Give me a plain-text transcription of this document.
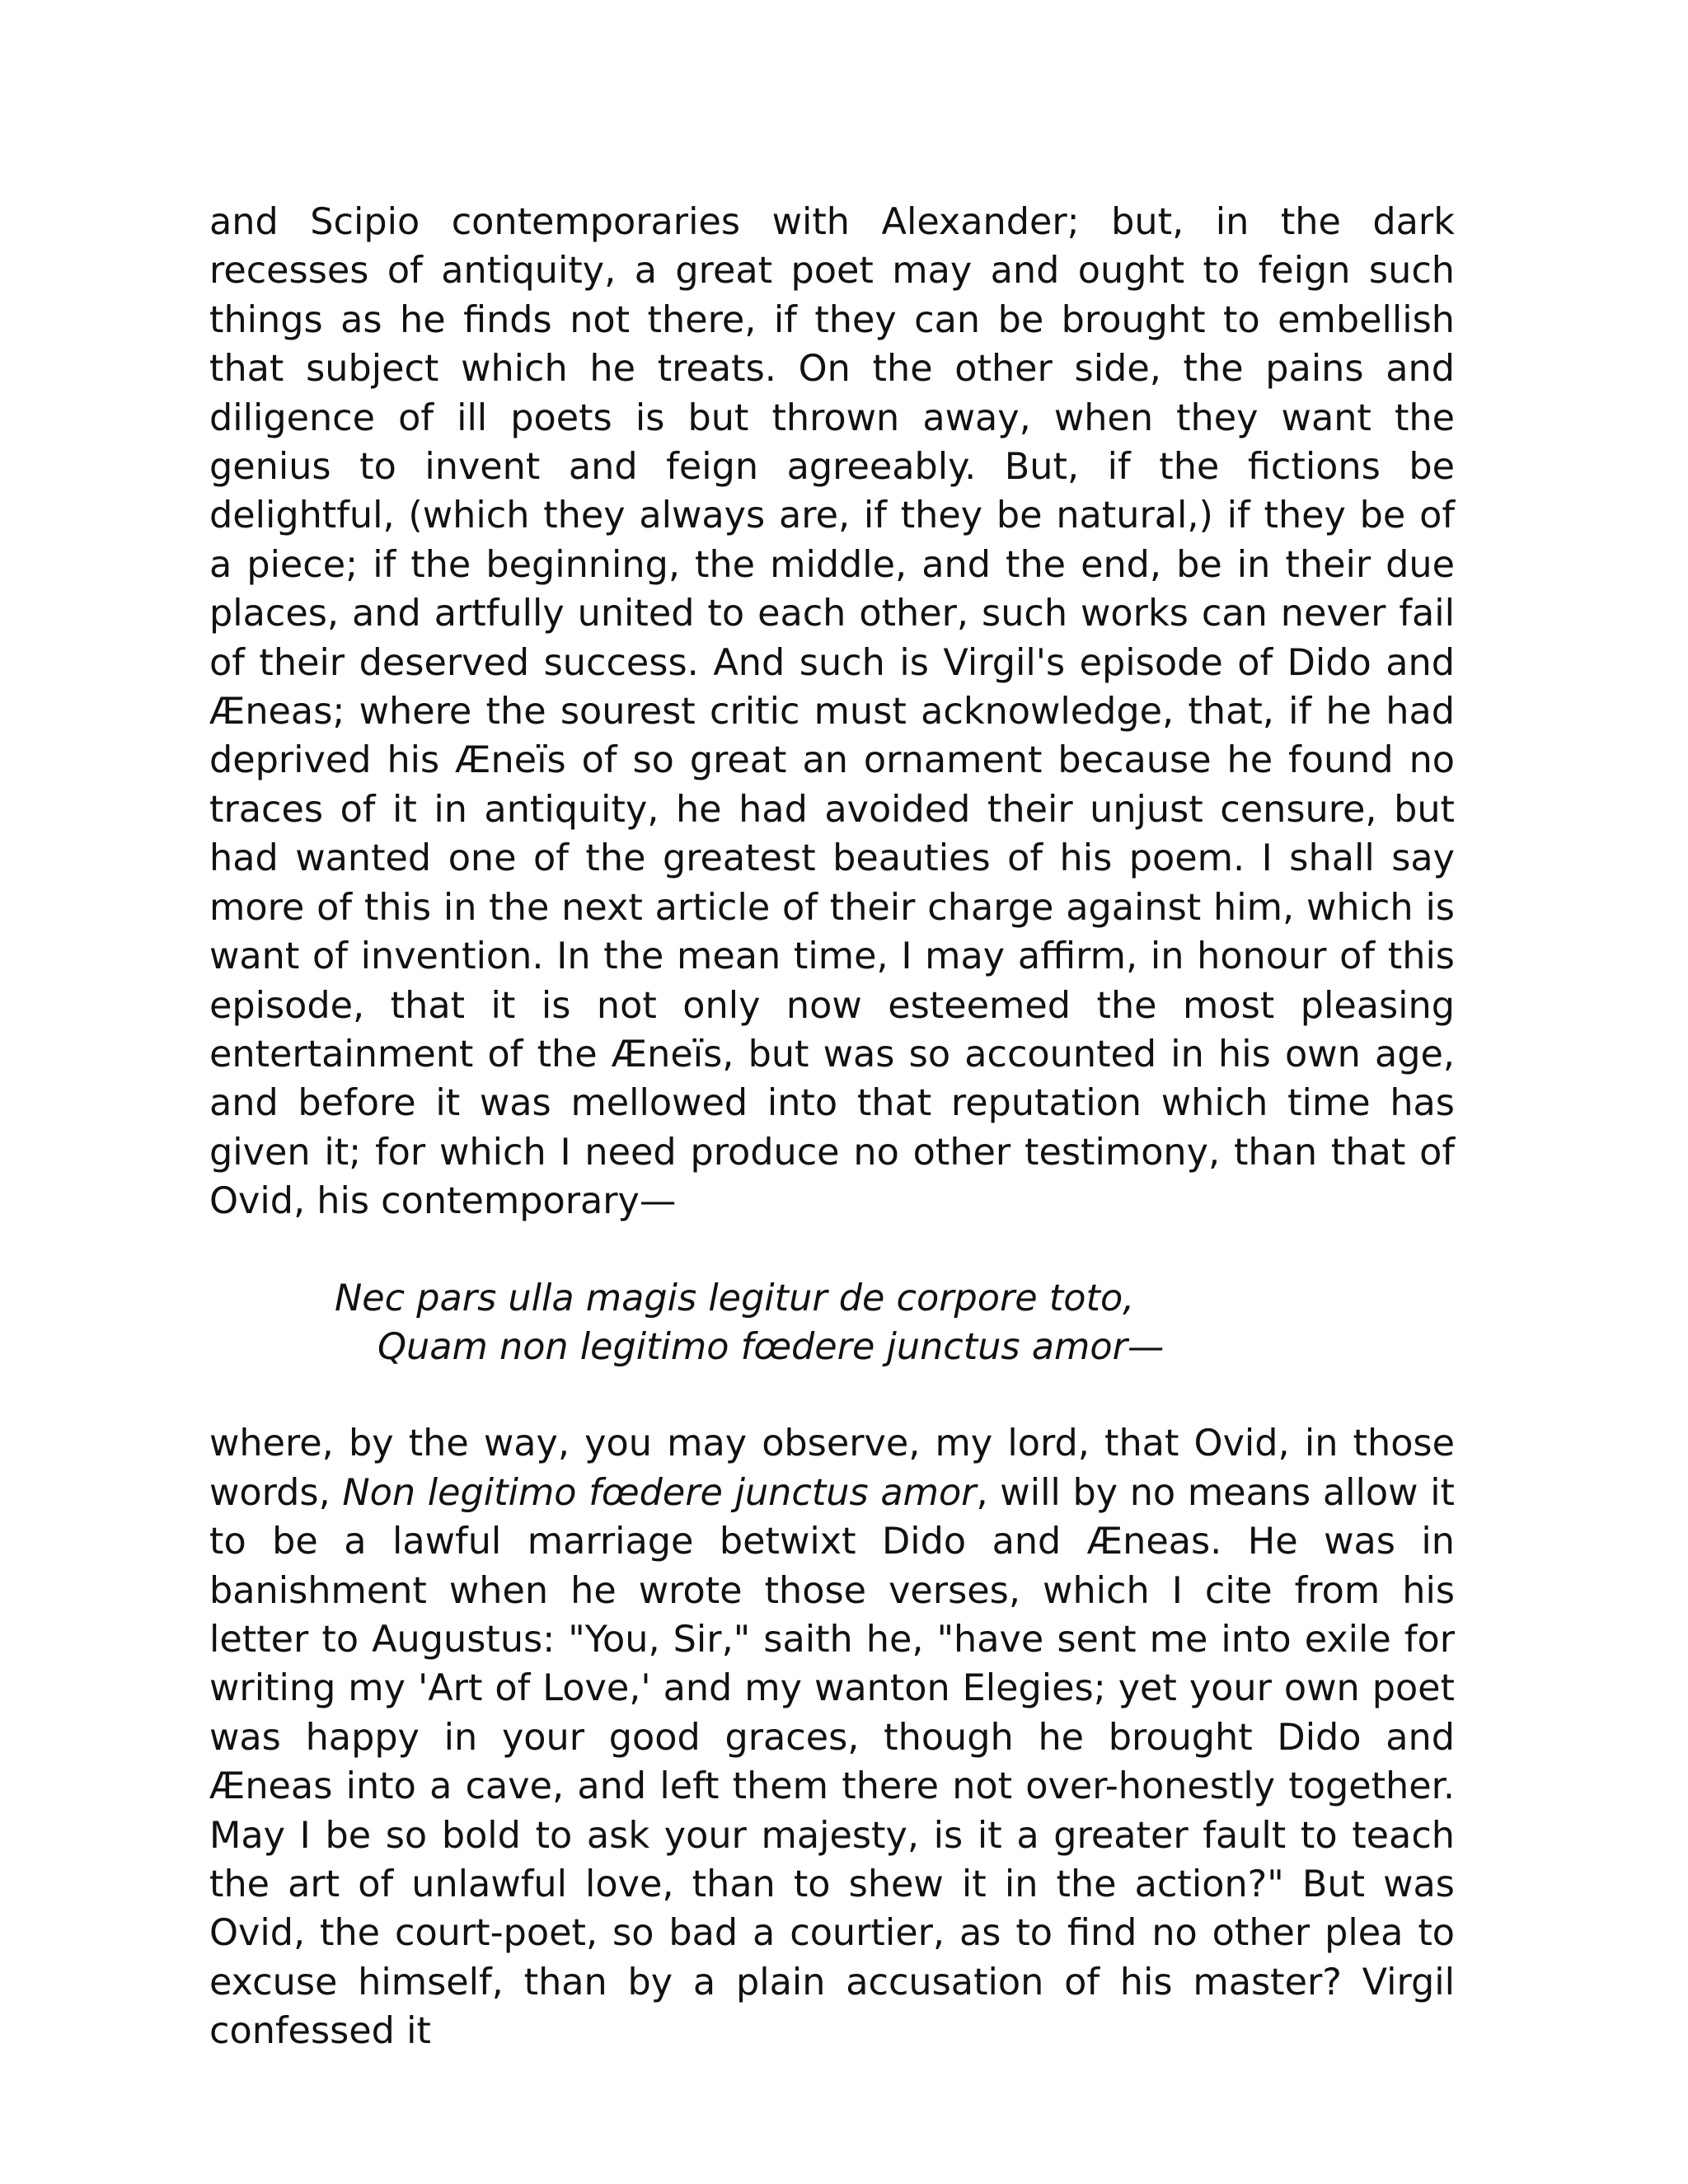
and Scipio contemporaries with Alexander; but, in the dark recesses of antiquity, a great poet may and ought to feign such things as he finds not there, if they can be brought to embellish that subject which he treats. On the other side, the pains and diligence of ill poets is but thrown away, when they want the genius to invent and feign agreeably. But, if the fictions be delightful, (which they always are, if they be natural,) if they be of a piece; if the beginning, the middle, and the end, be in their due places, and artfully united to each other, such works can never fail of their deserved success. And such is Virgil's episode of Dido and Æneas; where the sourest critic must acknowledge, that, if he had deprived his Æneïs of so great an ornament because he found no traces of it in antiquity, he had avoided their unjust censure, but had wanted one of the greatest beauties of his poem. I shall say more of this in the next article of their charge against him, which is want of invention. In the mean time, I may affirm, in honour of this episode, that it is not only now esteemed the most pleasing entertainment of the Æneïs, but was so accounted in his own age, and before it was mellowed into that reputation which time has given it; for which I need produce no other testimony, than that of Ovid, his contemporary—

Nec pars ulla magis legitur de corpore toto,
Quam non legitimo fœdere junctus amor—

where, by the way, you may observe, my lord, that Ovid, in those words, Non legitimo fœdere junctus amor, will by no means allow it to be a lawful marriage betwixt Dido and Æneas. He was in banishment when he wrote those verses, which I cite from his letter to Augustus: "You, Sir," saith he, "have sent me into exile for writing my 'Art of Love,' and my wanton Elegies; yet your own poet was happy in your good graces, though he brought Dido and Æneas into a cave, and left them there not over-honestly together. May I be so bold to ask your majesty, is it a greater fault to teach the art of unlawful love, than to shew it in the action?" But was Ovid, the court-poet, so bad a courtier, as to find no other plea to excuse himself, than by a plain accusation of his master? Virgil confessed it
